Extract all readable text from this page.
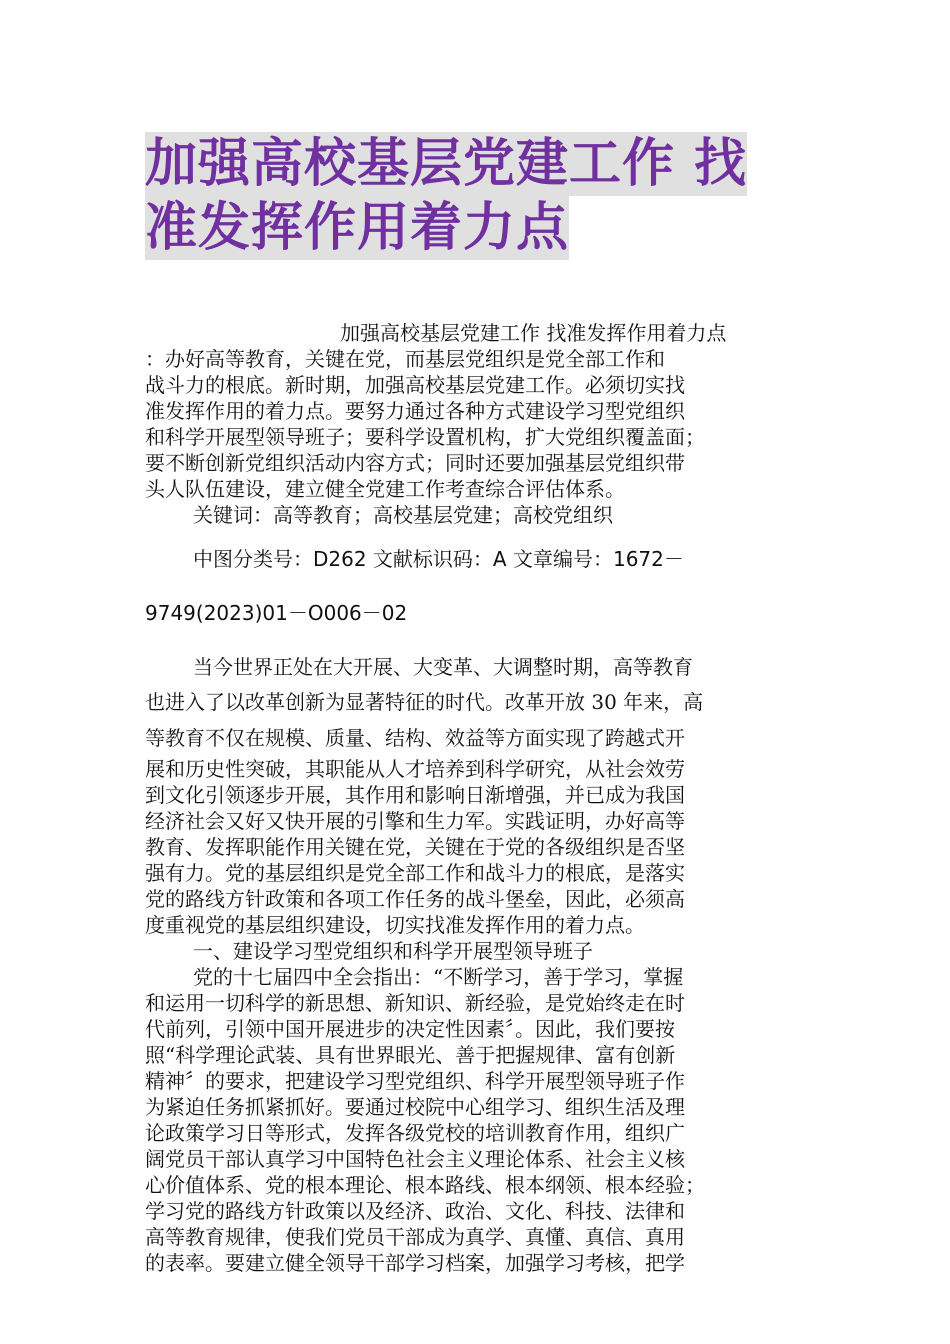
加强高校基层党建工作 找
准发挥作用着力点

加强高校基层党建工作 找准发挥作用着力点

：办好高等教育，关键在党，而基层党组织是党全部工作和

战斗力的根底。新时期，加强高校基层党建工作。必须切实找

准发挥作用的着力点。要努力通过各种方式建设学习型党组织

和科学开展型领导班子；要科学设置机构，扩大党组织覆盖面；

要不断创新党组织活动内容方式；同时还要加强基层党组织带

头人队伍建设，建立健全党建工作考查综合评估体系。

关键词：高等教育；高校基层党建；高校党组织

中图分类号：D262 文献标识码：A 文章编号：1672－

9749(2023)01－O006－02

当今世界正处在大开展、大变革、大调整时期，高等教育

也进入了以改革创新为显著特征的时代。改革开放 30 年来，高

等教育不仅在规模、质量、结构、效益等方面实现了跨越式开

展和历史性突破，其职能从人才培养到科学研究，从社会效劳

到文化引领逐步开展，其作用和影响日渐增强，并已成为我国

经济社会又好又快开展的引擎和生力军。实践证明，办好高等

教育、发挥职能作用关键在党，关键在于党的各级组织是否坚

强有力。党的基层组织是党全部工作和战斗力的根底，是落实

党的路线方针政策和各项工作任务的战斗堡垒，因此，必须高

度重视党的基层组织建设，切实找准发挥作用的着力点。

一、建设学习型党组织和科学开展型领导班子

党的十七届四中全会指出：“不断学习，善于学习，掌握

和运用一切科学的新思想、新知识、新经验，是党始终走在时

代前列，引领中国开展进步的决定性因素〞。因此，我们要按

照“科学理论武装、具有世界眼光、善于把握规律、富有创新

精神〞的要求，把建设学习型党组织、科学开展型领导班子作

为紧迫任务抓紧抓好。要通过校院中心组学习、组织生活及理

论政策学习日等形式，发挥各级党校的培训教育作用，组织广

阔党员干部认真学习中国特色社会主义理论体系、社会主义核

心价值体系、党的根本理论、根本路线、根本纲领、根本经验；

学习党的路线方针政策以及经济、政治、文化、科技、法律和

高等教育规律，使我们党员干部成为真学、真懂、真信、真用

的表率。要建立健全领导干部学习档案，加强学习考核，把学
